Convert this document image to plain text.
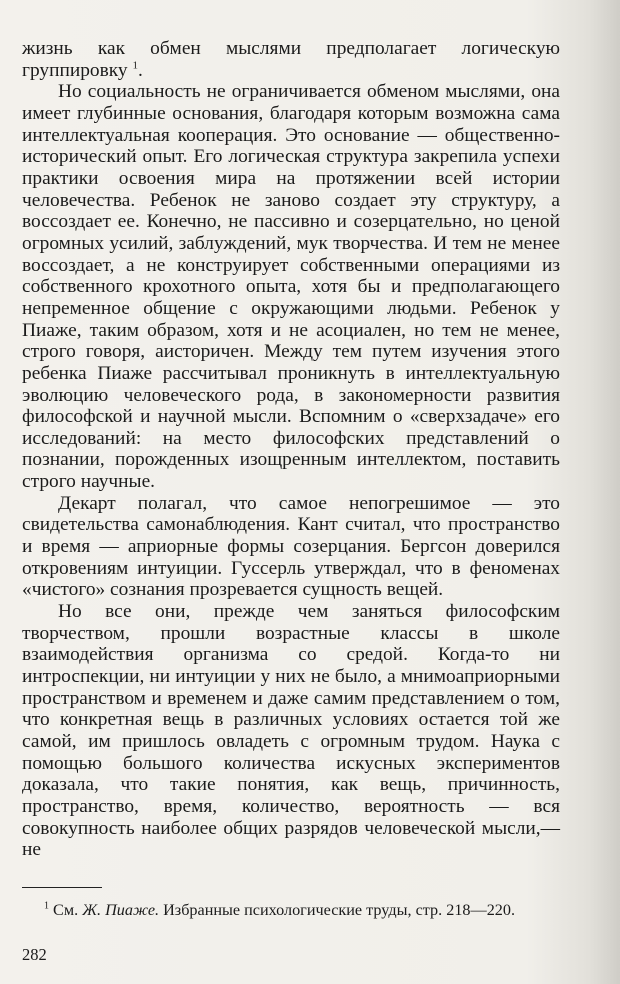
жизнь как обмен мыслями предполагает логическую группировку $^1$.

Но социальность не ограничивается обменом мыслями, она имеет глубинные основания, благодаря которым возможна сама интеллектуальная кооперация. Это основание — общественно-исторический опыт. Его логическая структура закрепила успехи практики освоения мира на протяжении всей истории человечества. Ребенок не заново создает эту структуру, а воссоздает ее. Конечно, не пассивно и созерцательно, но ценой огромных усилий, заблуждений, мук творчества. И тем не менее воссоздает, а не конструирует собственными операциями из собственного крохотного опыта, хотя бы и предполагающего непременное общение с окружающими людьми. Ребенок у Пиаже, таким образом, хотя и не асоциален, но тем не менее, строго говоря, аисторичен. Между тем путем изучения этого ребенка Пиаже рассчитывал проникнуть в интеллектуальную эволюцию человеческого рода, в закономерности развития философской и научной мысли. Вспомним о «сверхзадаче» его исследований: на место философских представлений о познании, порожденных изощренным интеллектом, поставить строго научные.

Декарт полагал, что самое непогрешимое — это свидетельства самонаблюдения. Кант считал, что пространство и время — априорные формы созерцания. Бергсон доверился откровениям интуиции. Гуссерль утверждал, что в феноменах «чистого» сознания прозревается сущность вещей.

Но все они, прежде чем заняться философским творчеством, прошли возрастные классы в школе взаимодействия организма со средой. Когда-то ни интроспекции, ни интуиции у них не было, а мнимоаприорными пространством и временем и даже самим представлением о том, что конкретная вещь в различных условиях остается той же самой, им пришлось овладеть с огромным трудом. Наука с помощью большого количества искусных экспериментов доказала, что такие понятия, как вещь, причинность, пространство, время, количество, вероятность — вся совокупность наиболее общих разрядов человеческой мысли,— не

$^1$ См. Ж. Пиаже. Избранные психологические труды, стр. 218—220.
282
